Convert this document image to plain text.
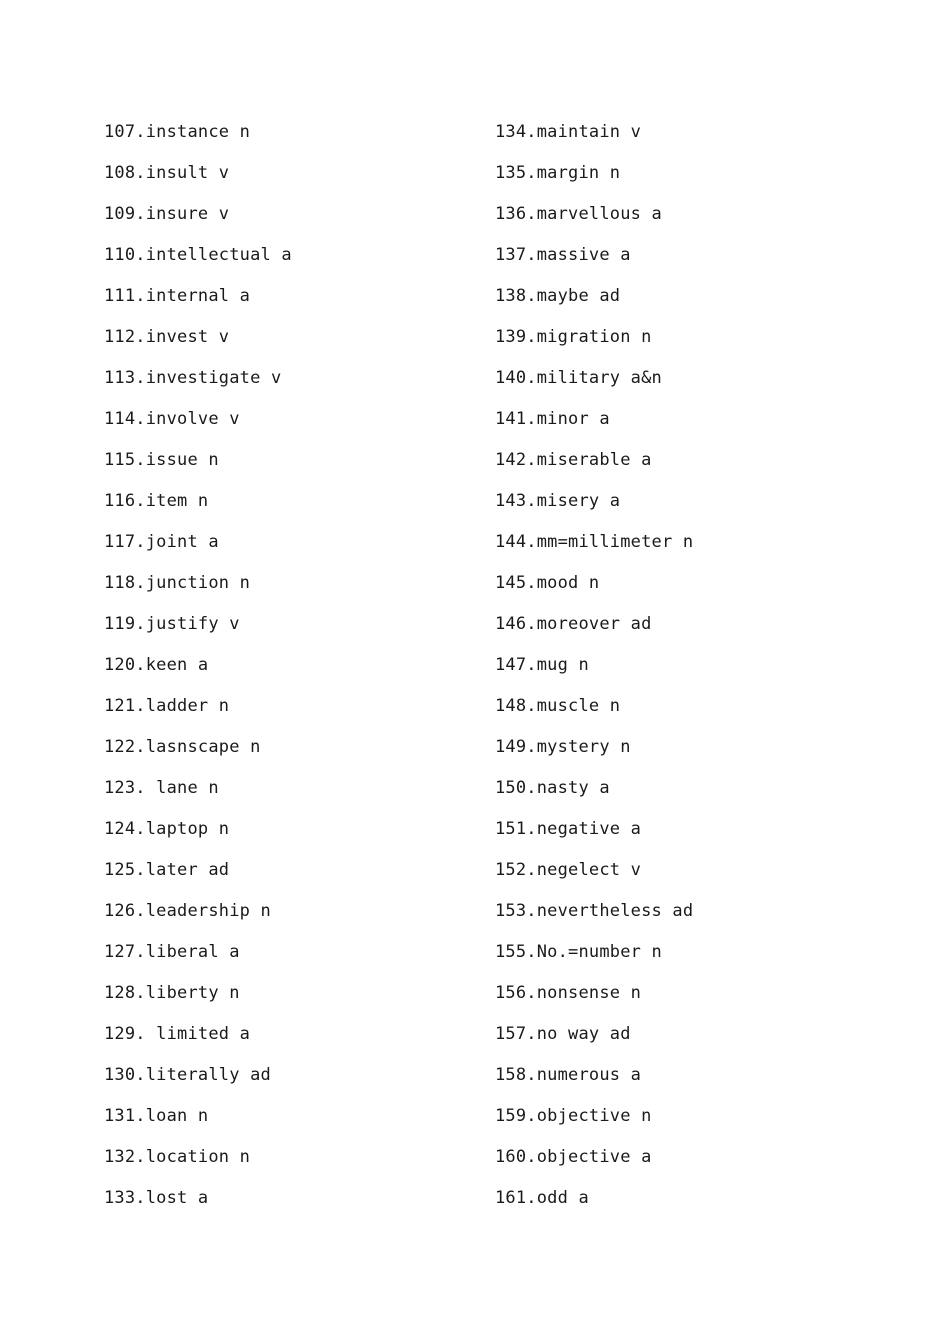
107.instance n
108.insult v
109.insure v
110.intellectual a
111.internal a
112.invest v
113.investigate v
114.involve v
115.issue n
116.item n
117.joint a
118.junction n
119.justify v
120.keen a
121.ladder n
122.lasnscape n
123. lane n
124.laptop n
125.later ad
126.leadership n
127.liberal a
128.liberty n
129. limited a
130.literally ad
131.loan n
132.location n
133.lost a
134.maintain v
135.margin n
136.marvellous a
137.massive a
138.maybe ad
139.migration n
140.military a&n
141.minor a
142.miserable a
143.misery a
144.mm=millimeter n
145.mood n
146.moreover ad
147.mug n
148.muscle n
149.mystery n
150.nasty a
151.negative a
152.negelect v
153.nevertheless ad
155.No.=number n
156.nonsense n
157.no way ad
158.numerous a
159.objective n
160.objective a
161.odd a
